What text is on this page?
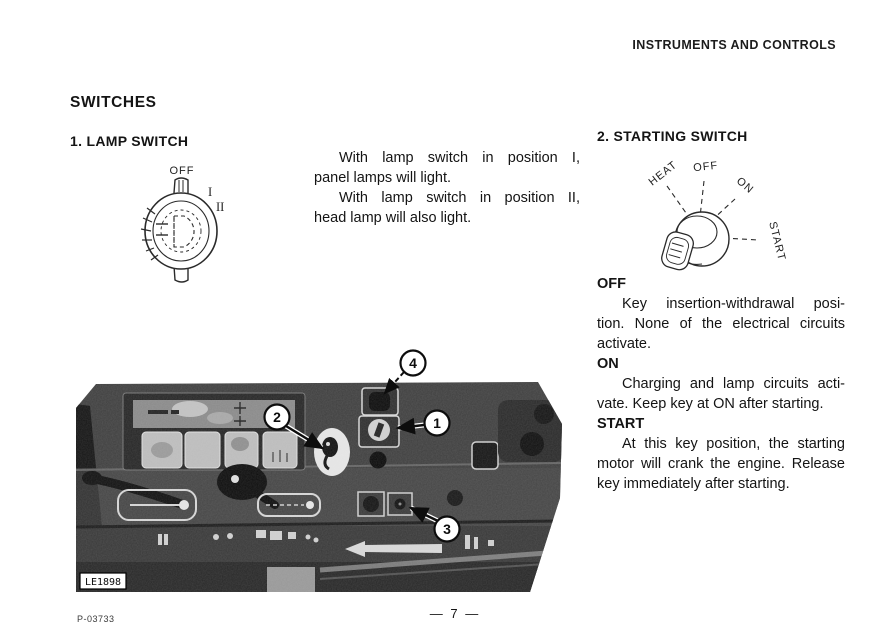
INSTRUMENTS AND CONTROLS
SWITCHES
1. LAMP SWITCH
OFF
I
II
With lamp switch in position I,
panel lamps will light.
With lamp switch in position II,
head lamp will also light.
2. STARTING SWITCH
HEAT OFF
ON
START
OFF
Key insertion-withdrawal posi-
tion. None of the electrical circuits
activate.
ON
Charging and lamp circuits acti-
vate. Keep key at ON after starting.
START
At this key position, the starting
motor will crank the engine. Release
key immediately after starting.
LE1898
4
2	1
3
P-03733	— 7 —
